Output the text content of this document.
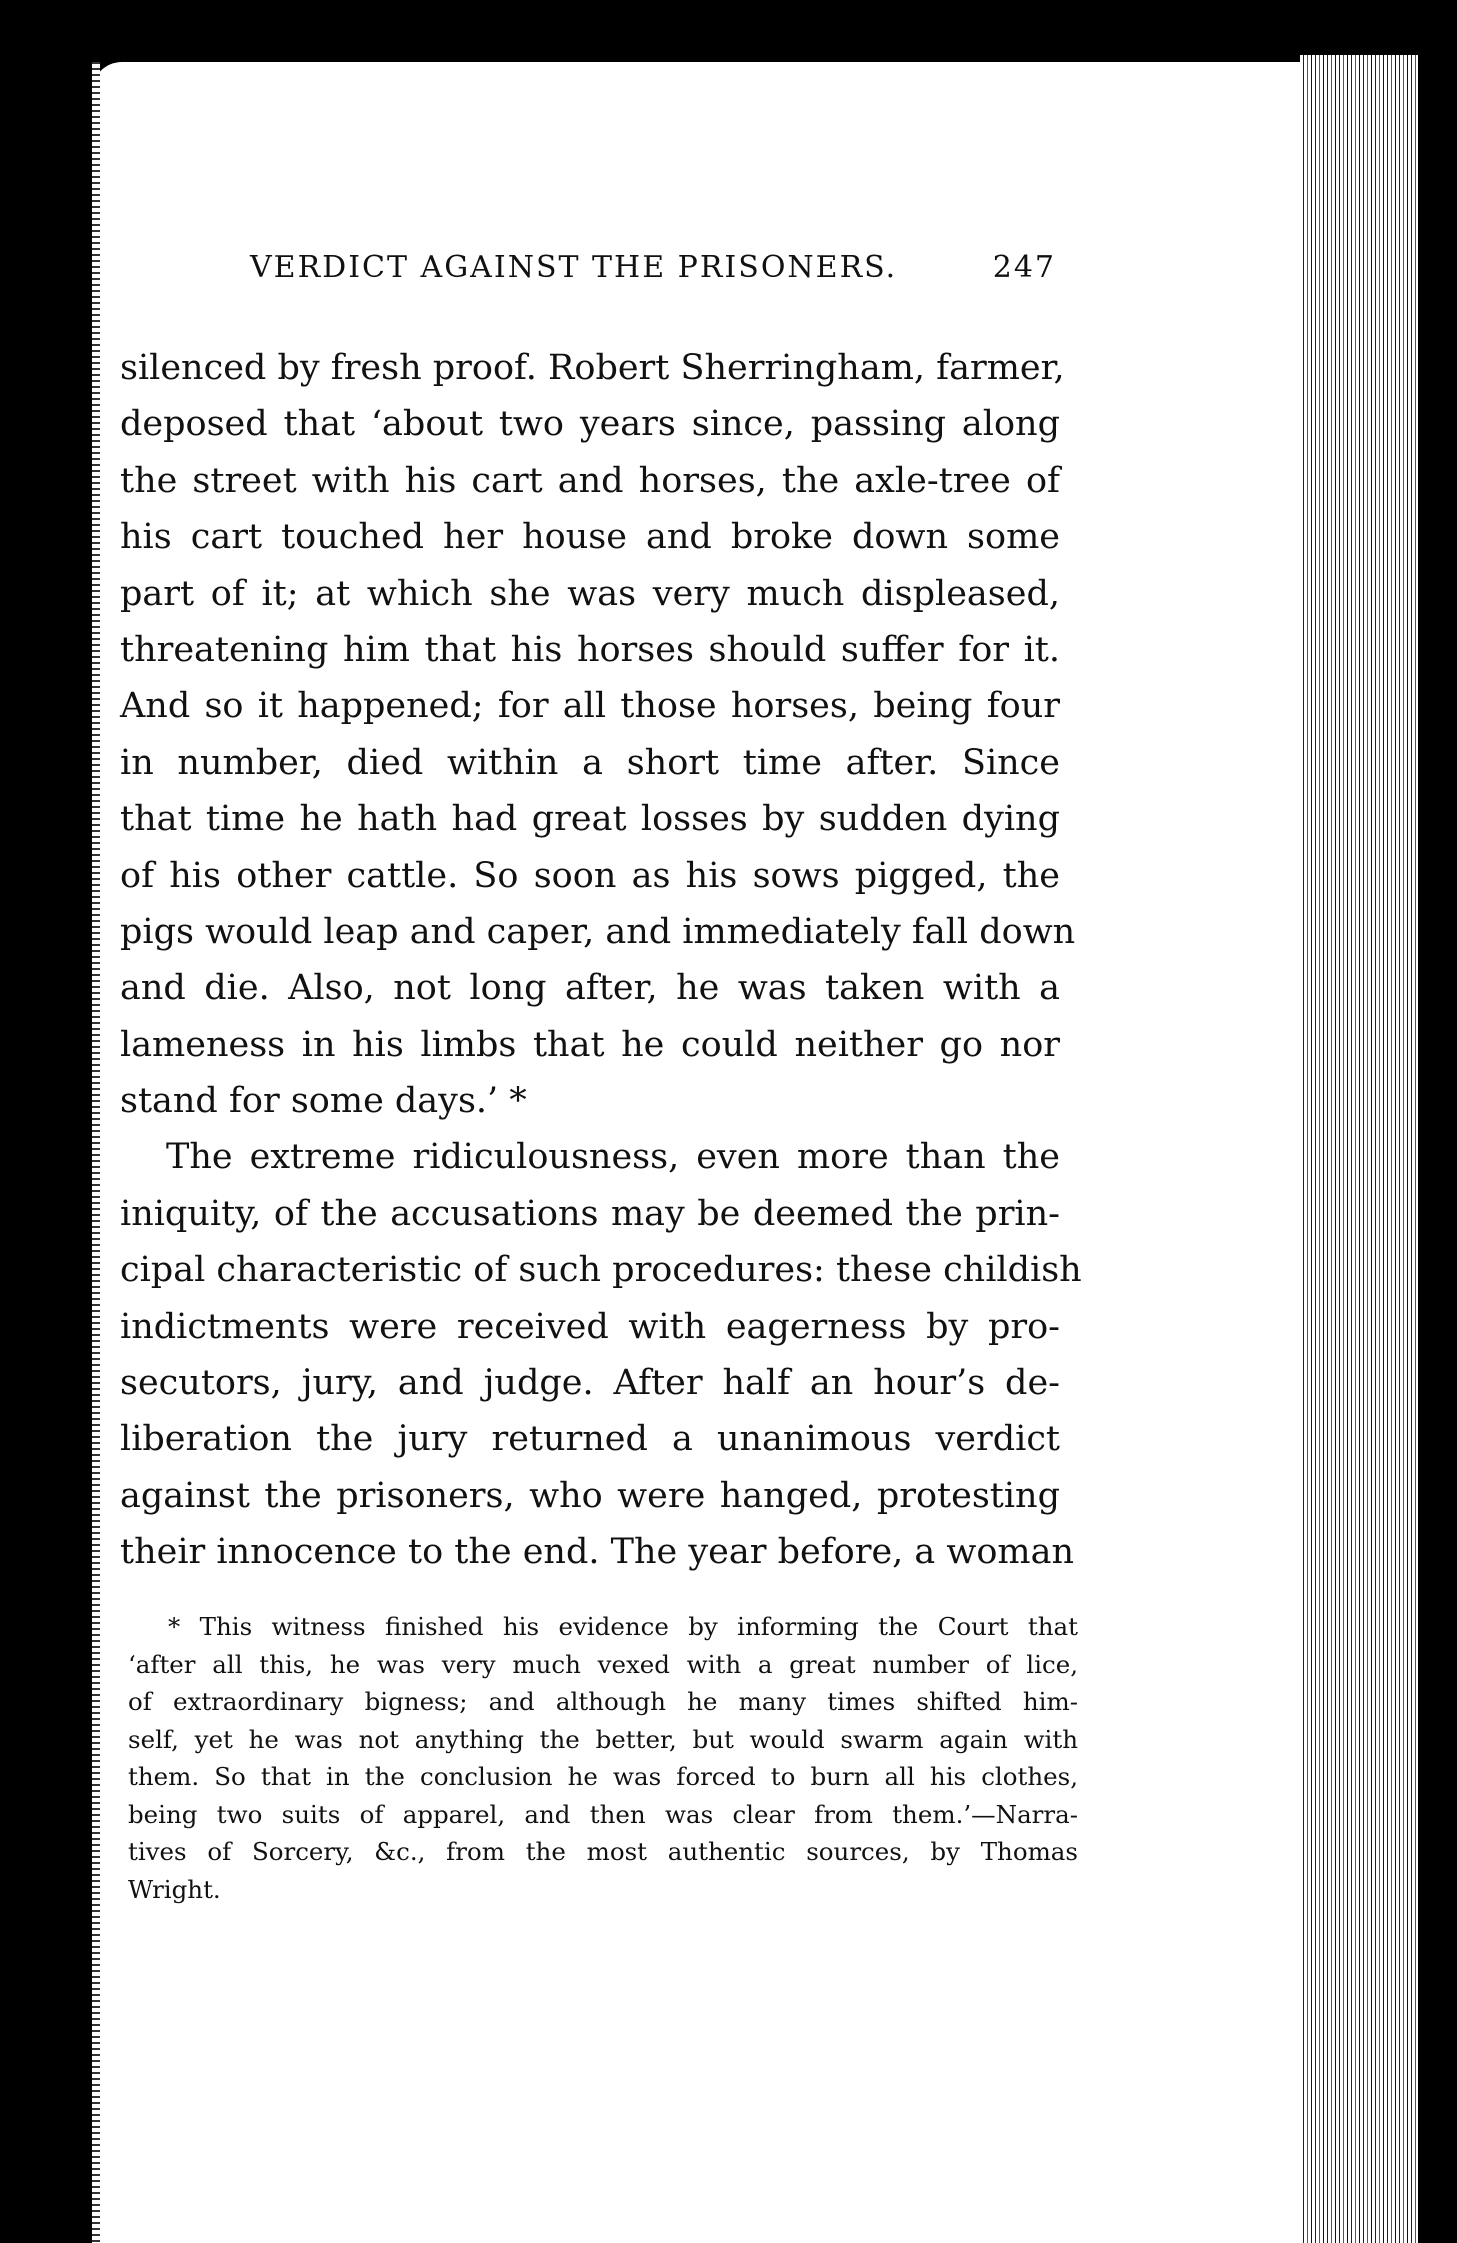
VERDICT AGAINST THE PRISONERS.	247
silenced by fresh proof. Robert Sherringham, farmer,
deposed that ‘about two years since, passing along
the street with his cart and horses, the axle-tree of
his cart touched her house and broke down some
part of it; at which she was very much displeased,
threatening him that his horses should suffer for it.
And so it happened; for all those horses, being four
in number, died within a short time after. Since
that time he hath had great losses by sudden dying
of his other cattle. So soon as his sows pigged, the
pigs would leap and caper, and immediately fall down
and die. Also, not long after, he was taken with a
lameness in his limbs that he could neither go nor
stand for some days.’ *
The extreme ridiculousness, even more than the
iniquity, of the accusations may be deemed the prin-
cipal characteristic of such procedures: these childish
indictments were received with eagerness by pro-
secutors, jury, and judge. After half an hour’s de-
liberation the jury returned a unanimous verdict
against the prisoners, who were hanged, protesting
their innocence to the end. The year before, a woman
* This witness finished his evidence by informing the Court that
‘after all this, he was very much vexed with a great number of lice,
of extraordinary bigness; and although he many times shifted him-
self, yet he was not anything the better, but would swarm again with
them. So that in the conclusion he was forced to burn all his clothes,
being two suits of apparel, and then was clear from them.’—Narra-
tives of Sorcery, &c., from the most authentic sources, by Thomas
Wright.
